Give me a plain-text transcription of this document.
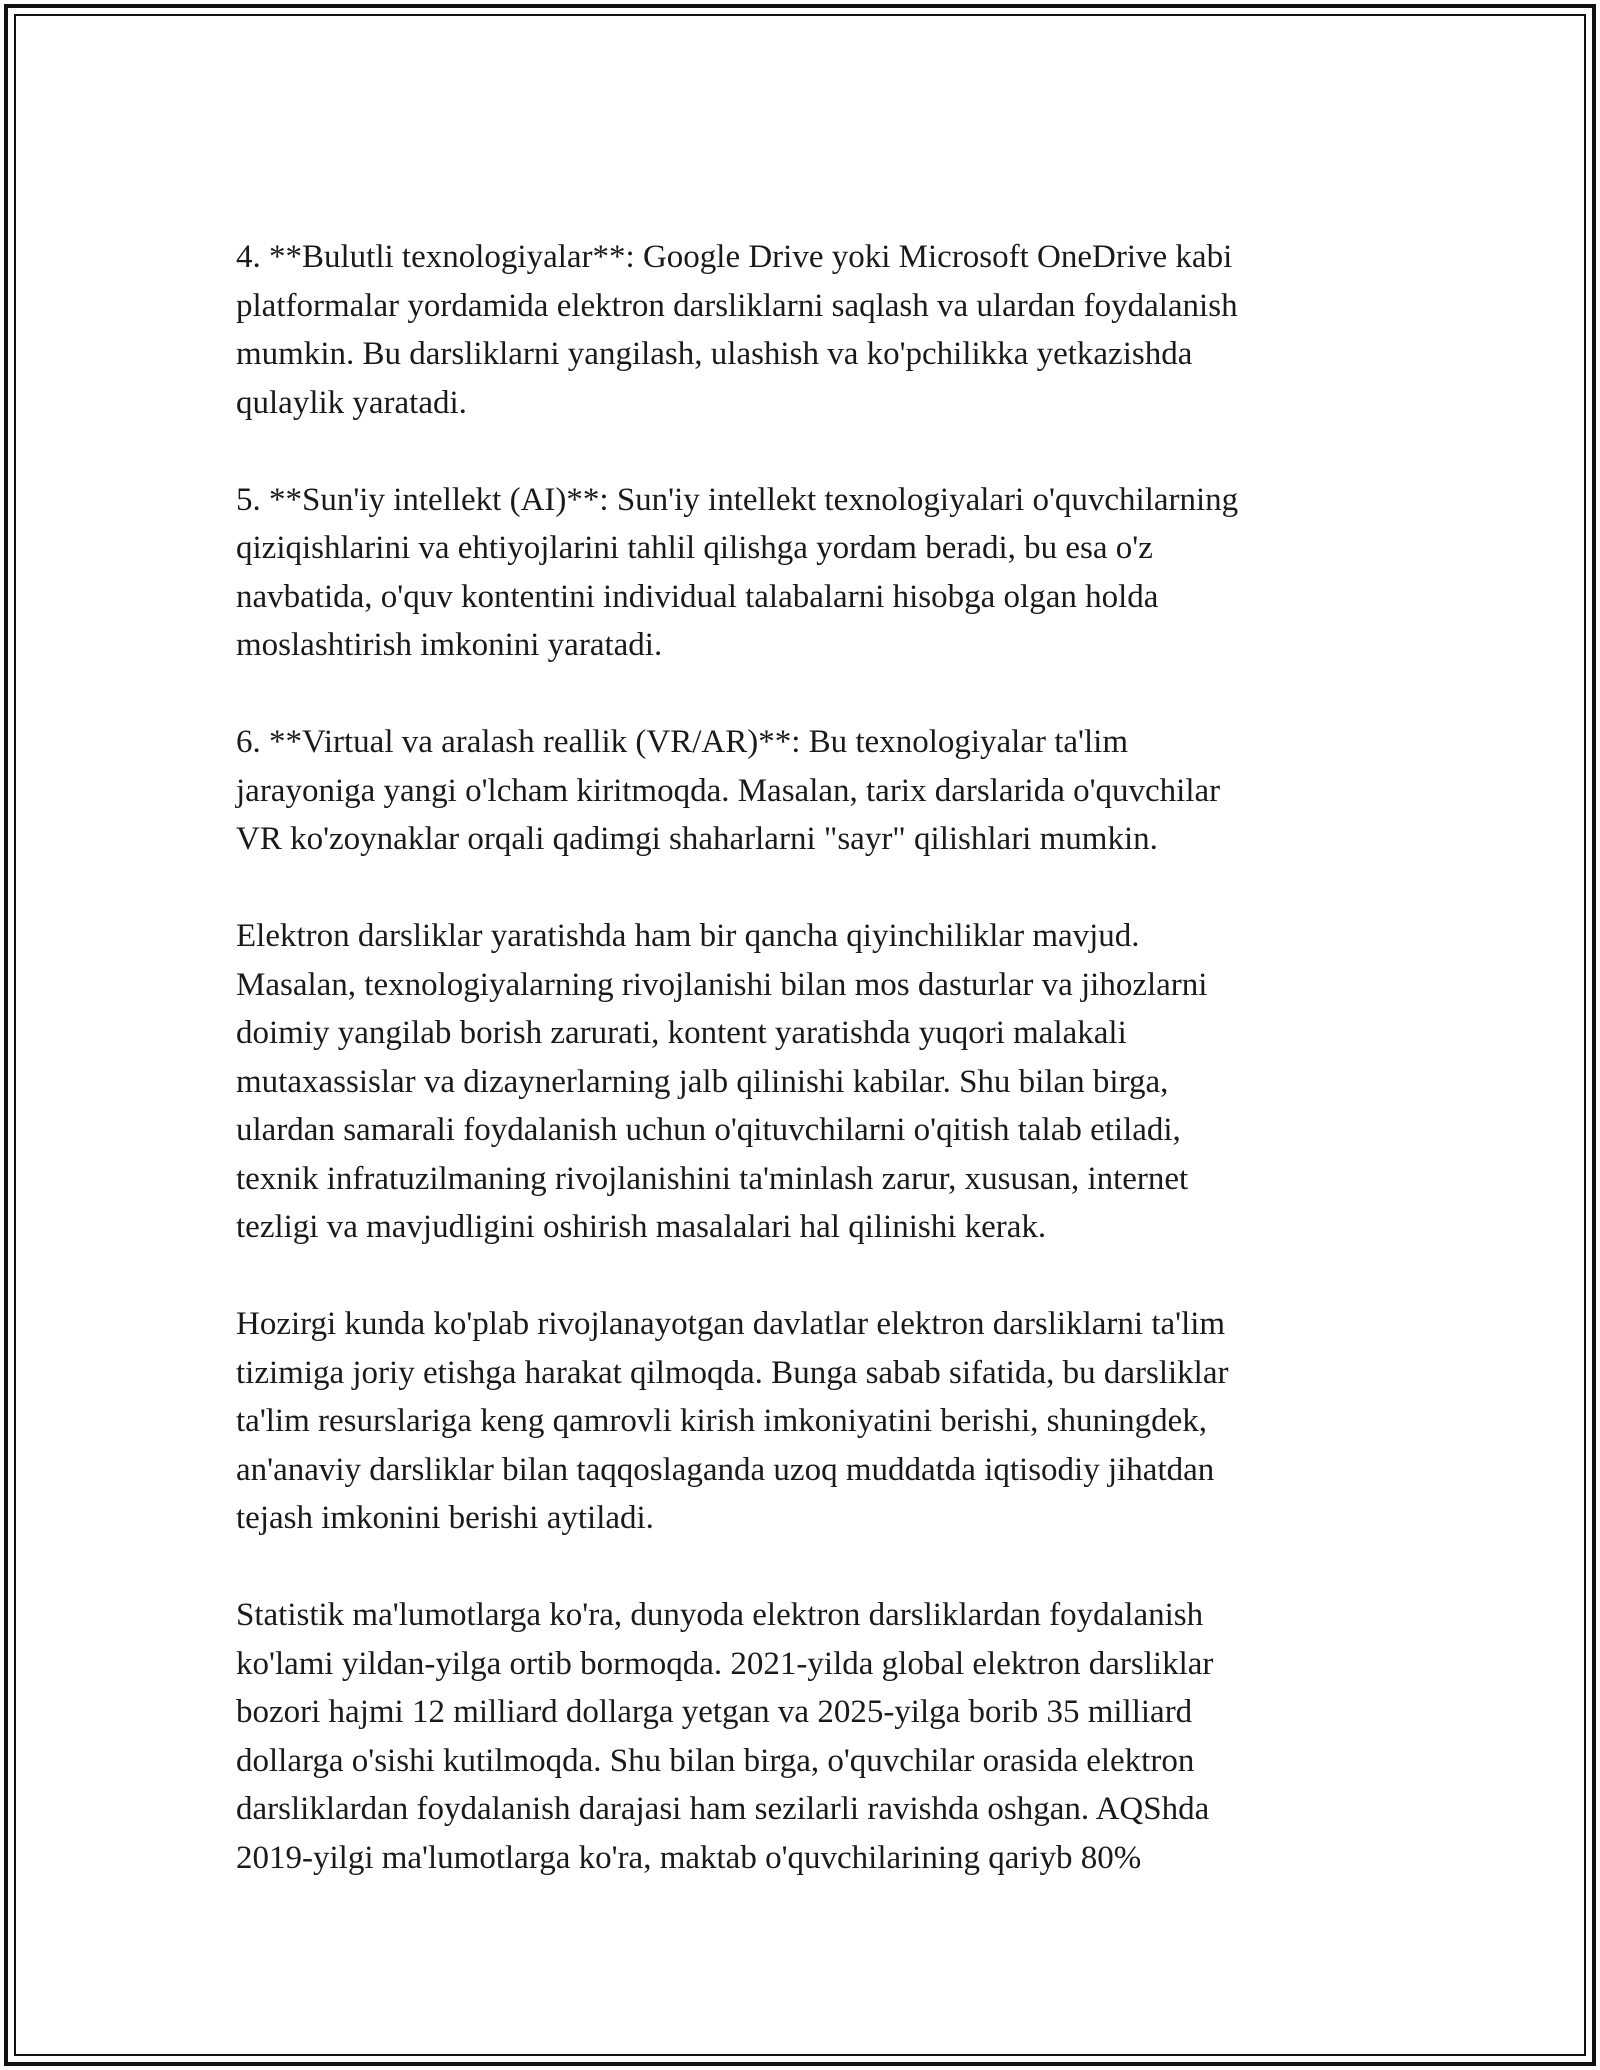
4. **Bulutli texnologiyalar**: Google Drive yoki Microsoft OneDrive kabi
platformalar yordamida elektron darsliklarni saqlash va ulardan foydalanish
mumkin. Bu darsliklarni yangilash, ulashish va ko'pchilikka yetkazishda
qulaylik yaratadi.

5. **Sun'iy intellekt (AI)**: Sun'iy intellekt texnologiyalari o'quvchilarning
qiziqishlarini va ehtiyojlarini tahlil qilishga yordam beradi, bu esa o'z
navbatida, o'quv kontentini individual talabalarni hisobga olgan holda
moslashtirish imkonini yaratadi.

6. **Virtual va aralash reallik (VR/AR)**: Bu texnologiyalar ta'lim
jarayoniga yangi o'lcham kiritmoqda. Masalan, tarix darslarida o'quvchilar
VR ko'zoynaklar orqali qadimgi shaharlarni "sayr" qilishlari mumkin.

Elektron darsliklar yaratishda ham bir qancha qiyinchiliklar mavjud.
Masalan, texnologiyalarning rivojlanishi bilan mos dasturlar va jihozlarni
doimiy yangilab borish zarurati, kontent yaratishda yuqori malakali
mutaxassislar va dizaynerlarning jalb qilinishi kabilar. Shu bilan birga,
ulardan samarali foydalanish uchun o'qituvchilarni o'qitish talab etiladi,
texnik infratuzilmaning rivojlanishini ta'minlash zarur, xususan, internet
tezligi va mavjudligini oshirish masalalari hal qilinishi kerak.

Hozirgi kunda ko'plab rivojlanayotgan davlatlar elektron darsliklarni ta'lim
tizimiga joriy etishga harakat qilmoqda. Bunga sabab sifatida, bu darsliklar
ta'lim resurslariga keng qamrovli kirish imkoniyatini berishi, shuningdek,
an'anaviy darsliklar bilan taqqoslaganda uzoq muddatda iqtisodiy jihatdan
tejash imkonini berishi aytiladi.

Statistik ma'lumotlarga ko'ra, dunyoda elektron darsliklardan foydalanish
ko'lami yildan-yilga ortib bormoqda. 2021-yilda global elektron darsliklar
bozori hajmi 12 milliard dollarga yetgan va 2025-yilga borib 35 milliard
dollarga o'sishi kutilmoqda. Shu bilan birga, o'quvchilar orasida elektron
darsliklardan foydalanish darajasi ham sezilarli ravishda oshgan. AQShda
2019-yilgi ma'lumotlarga ko'ra, maktab o'quvchilarining qariyb 80%
